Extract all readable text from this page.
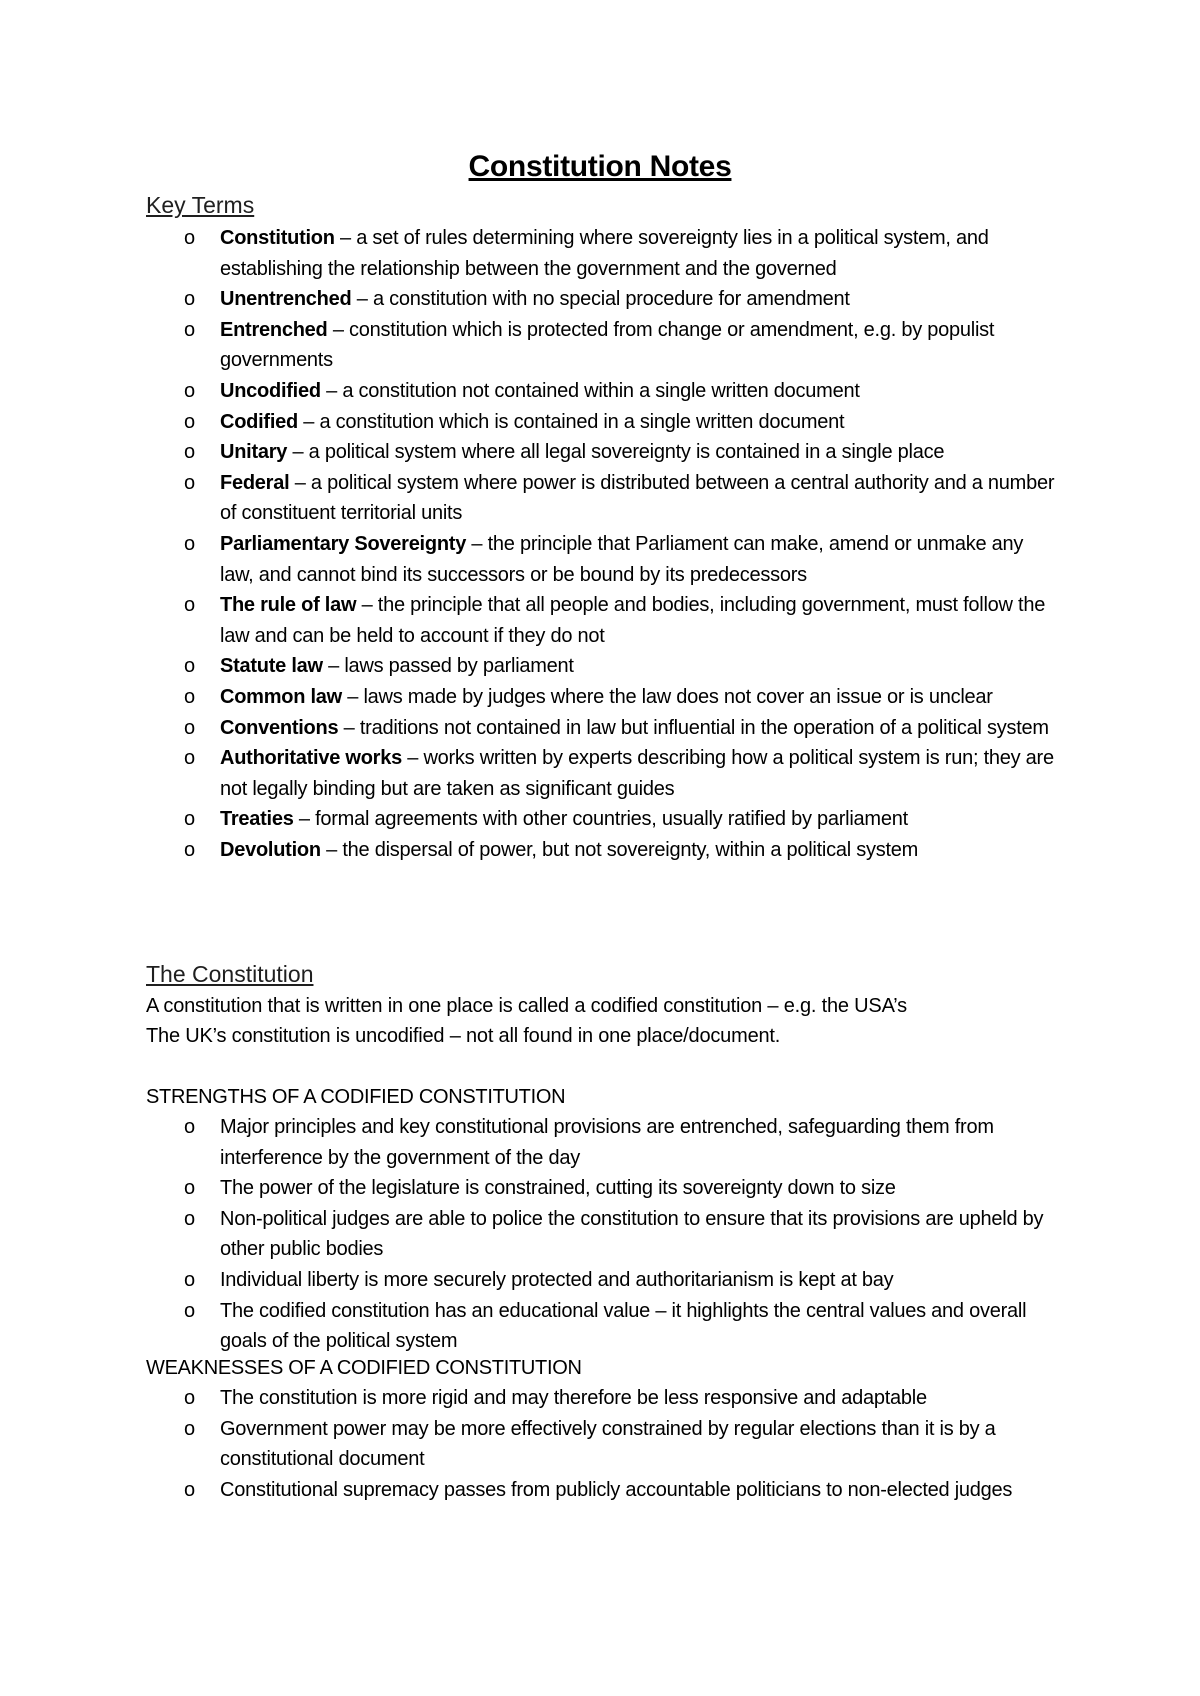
Constitution Notes
Key Terms
o Constitution – a set of rules determining where sovereignty lies in a political system, and establishing the relationship between the government and the governed
o Unentrenched – a constitution with no special procedure for amendment
o Entrenched – constitution which is protected from change or amendment, e.g. by populist governments
o Uncodified – a constitution not contained within a single written document
o Codified – a constitution which is contained in a single written document
o Unitary – a political system where all legal sovereignty is contained in a single place
o Federal – a political system where power is distributed between a central authority and a number of constituent territorial units
o Parliamentary Sovereignty – the principle that Parliament can make, amend or unmake any law, and cannot bind its successors or be bound by its predecessors
o The rule of law – the principle that all people and bodies, including government, must follow the law and can be held to account if they do not
o Statute law – laws passed by parliament
o Common law – laws made by judges where the law does not cover an issue or is unclear
o Conventions – traditions not contained in law but influential in the operation of a political system
o Authoritative works – works written by experts describing how a political system is run; they are not legally binding but are taken as significant guides
o Treaties – formal agreements with other countries, usually ratified by parliament
o Devolution – the dispersal of power, but not sovereignty, within a political system
The Constitution
A constitution that is written in one place is called a codified constitution – e.g. the USA’s
The UK’s constitution is uncodified – not all found in one place/document.
STRENGTHS OF A CODIFIED CONSTITUTION
o Major principles and key constitutional provisions are entrenched, safeguarding them from interference by the government of the day
o The power of the legislature is constrained, cutting its sovereignty down to size
o Non-political judges are able to police the constitution to ensure that its provisions are upheld by other public bodies
o Individual liberty is more securely protected and authoritarianism is kept at bay
o The codified constitution has an educational value – it highlights the central values and overall goals of the political system
WEAKNESSES OF A CODIFIED CONSTITUTION
o The constitution is more rigid and may therefore be less responsive and adaptable
o Government power may be more effectively constrained by regular elections than it is by a constitutional document
o Constitutional supremacy passes from publicly accountable politicians to non-elected judges
